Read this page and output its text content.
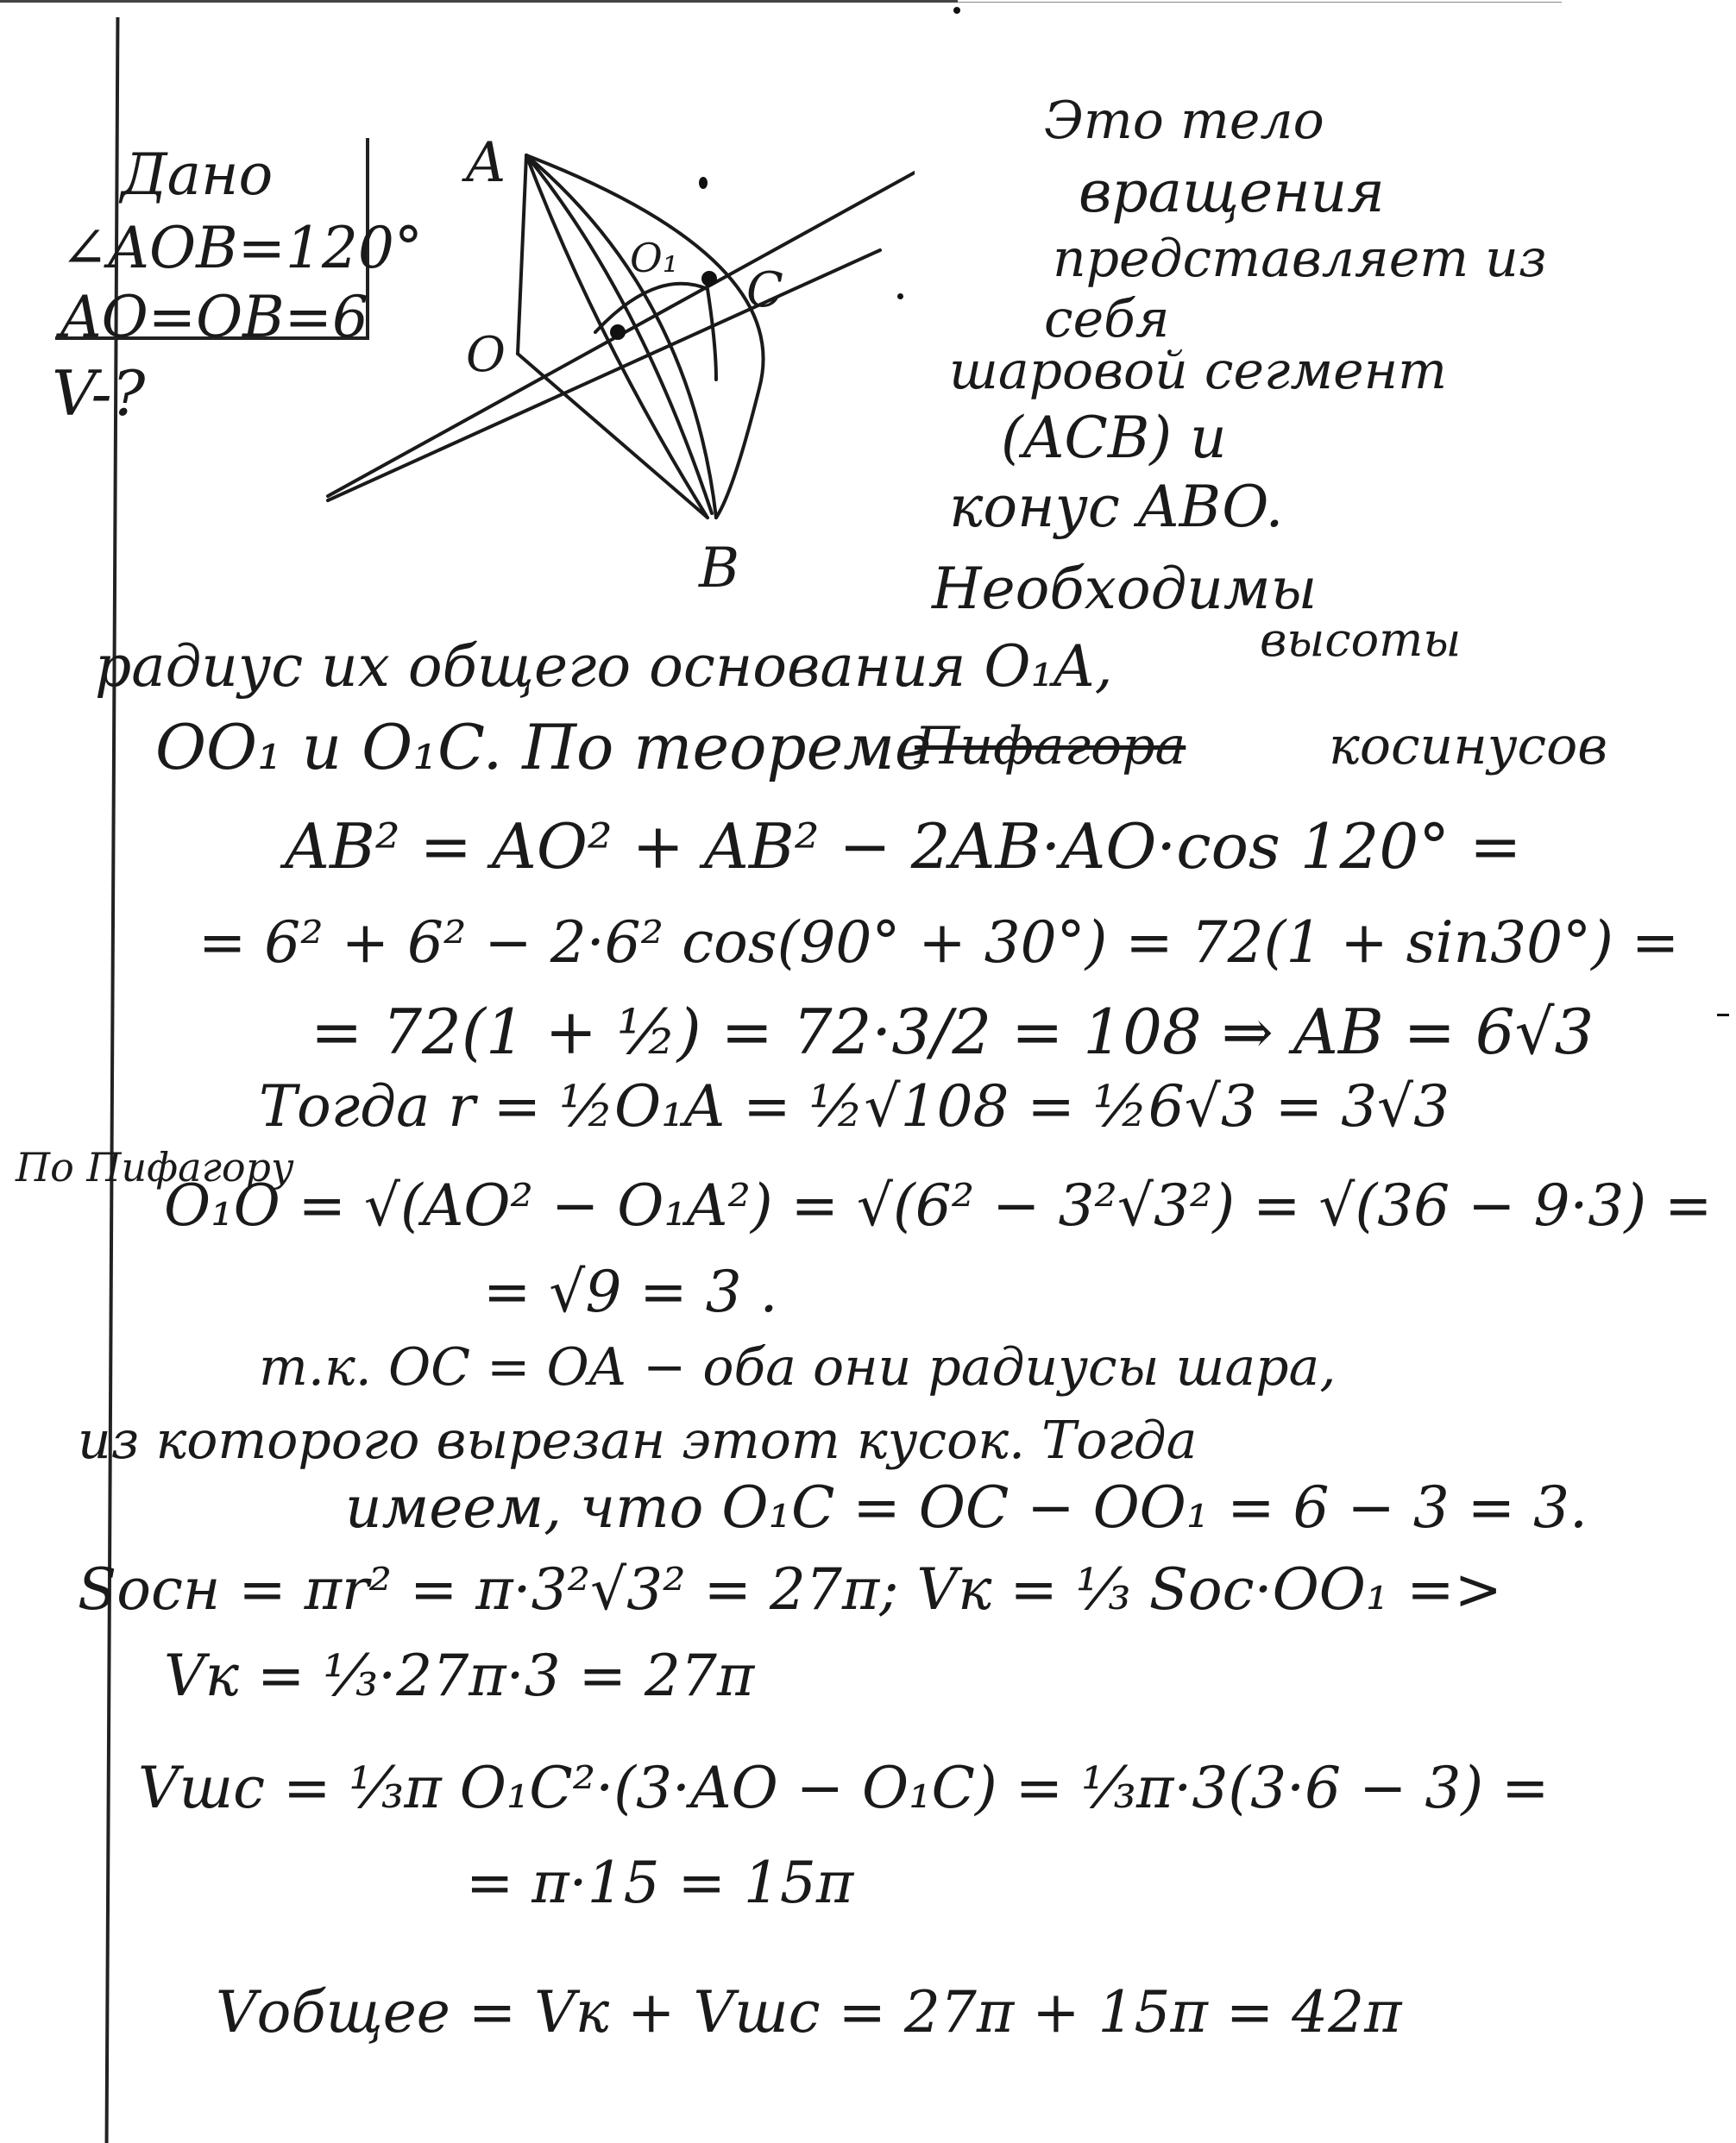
Дано
∠AOB=120°
AO=OB=6
V-?
A
O
B
C
O₁
Это тело
вращения
представляет из
себя
шаровой сегмент
(ACB) и
конус ABO.
Необходимы
радиус их общего основания O₁A,	высоты
OO₁ и O₁C. По теореме
Пифагора	косинусов
AB² = AO² + AB² − 2AB·AO·cos 120° =
= 6² + 6² − 2·6² cos(90° + 30°) = 72(1 + sin30°) =
= 72(1 + ½) = 72·3/2 = 108 ⇒ AB = 6√3
Тогда r = ½O₁A = ½√108 = ½6√3 = 3√3
По Пифагору
O₁O = √(AO² − O₁A²) = √(6² − 3²√3²) = √(36 − 9·3) =
= √9 = 3 .
т.к. OC = OA − оба они радиусы шара,
из которого вырезан этот кусок. Тогда
имеем, что O₁C = OC − OO₁ = 6 − 3 = 3.
Sосн = πr² = π·3²√3² = 27π; Vк = ⅓ Sос·OO₁ =>
Vк = ⅓·27π·3 = 27π
Vшс = ⅓π O₁C²·(3·AO − O₁C) = ⅓π·3(3·6 − 3) =
= π·15 = 15π
Vобщее = Vк + Vшс = 27π + 15π = 42π
